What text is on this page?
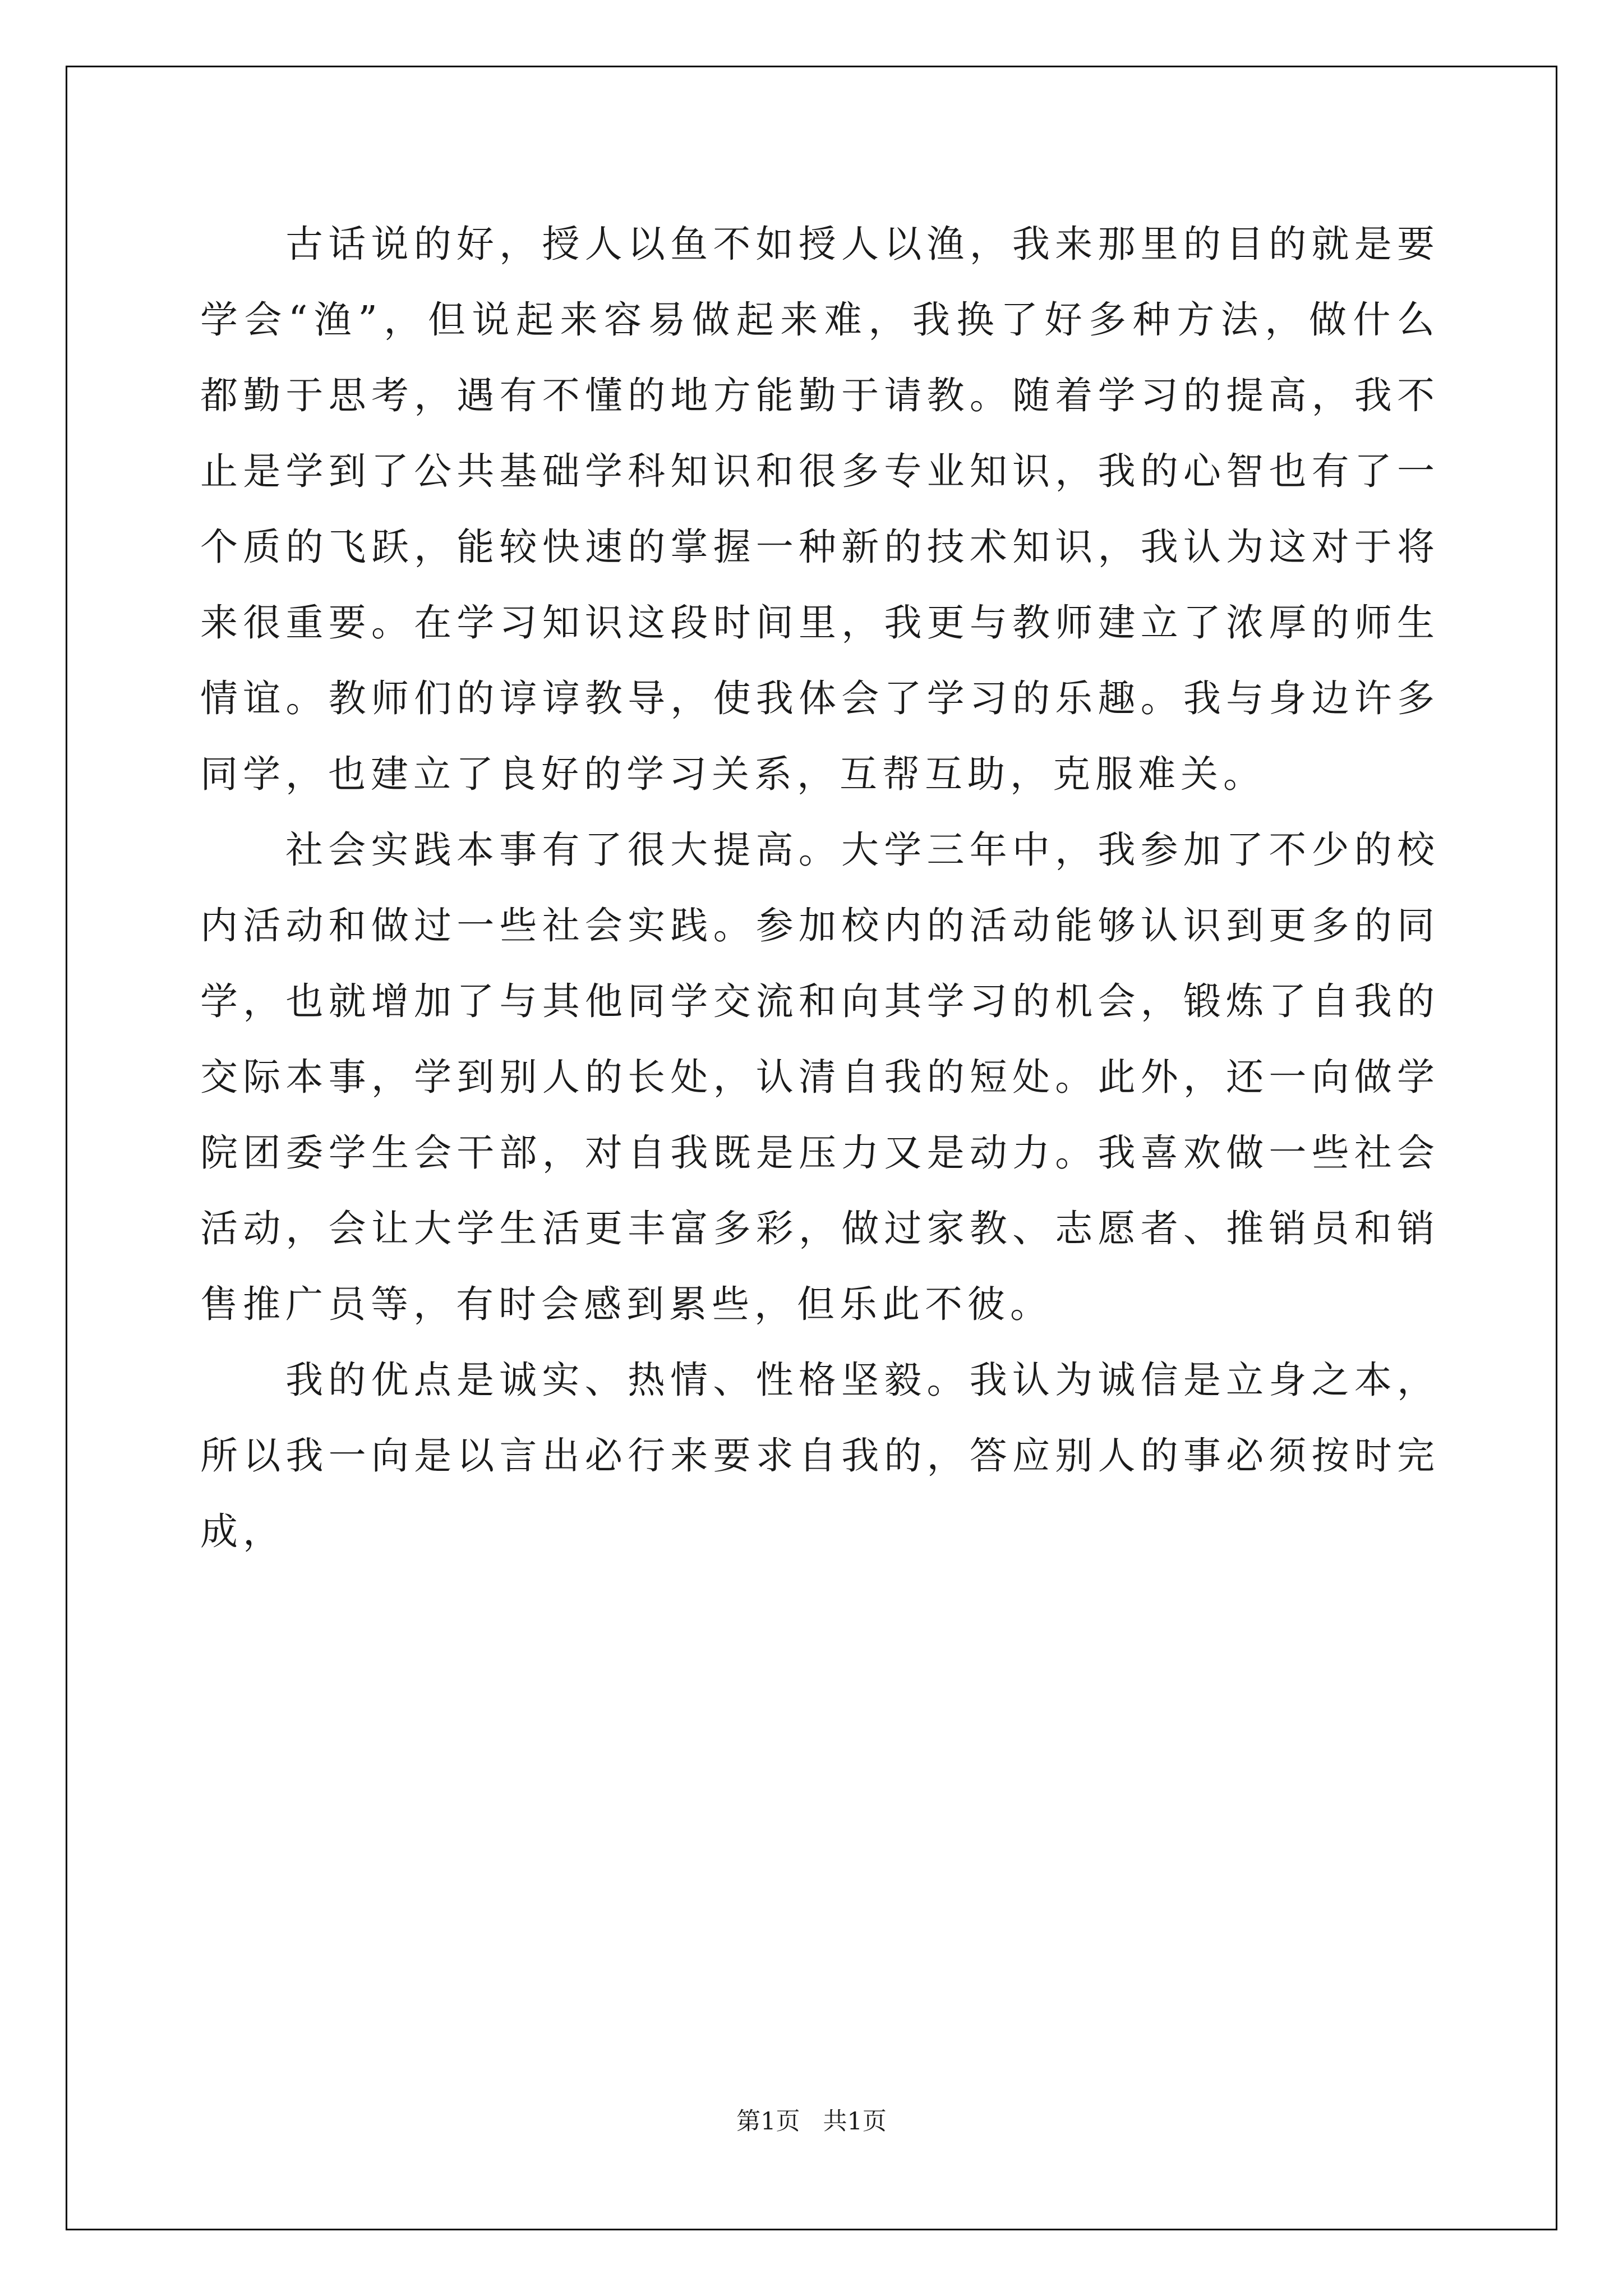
古话说的好，授人以鱼不如授人以渔，我来那里的目的就是要学会“渔”，但说起来容易做起来难，我换了好多种方法，做什么都勤于思考，遇有不懂的地方能勤于请教。随着学习的提高，我不止是学到了公共基础学科知识和很多专业知识，我的心智也有了一个质的飞跃，能较快速的掌握一种新的技术知识，我认为这对于将来很重要。在学习知识这段时间里，我更与教师建立了浓厚的师生情谊。教师们的谆谆教导，使我体会了学习的乐趣。我与身边许多同学，也建立了良好的学习关系，互帮互助，克服难关。

社会实践本事有了很大提高。大学三年中，我参加了不少的校内活动和做过一些社会实践。参加校内的活动能够认识到更多的同学，也就增加了与其他同学交流和向其学习的机会，锻炼了自我的交际本事，学到别人的长处，认清自我的短处。此外，还一向做学院团委学生会干部，对自我既是压力又是动力。我喜欢做一些社会活动，会让大学生活更丰富多彩，做过家教、志愿者、推销员和销售推广员等，有时会感到累些，但乐此不彼。

我的优点是诚实、热情、性格坚毅。我认为诚信是立身之本，所以我一向是以言出必行来要求自我的，答应别人的事必须按时完成，

第1页   共1页
